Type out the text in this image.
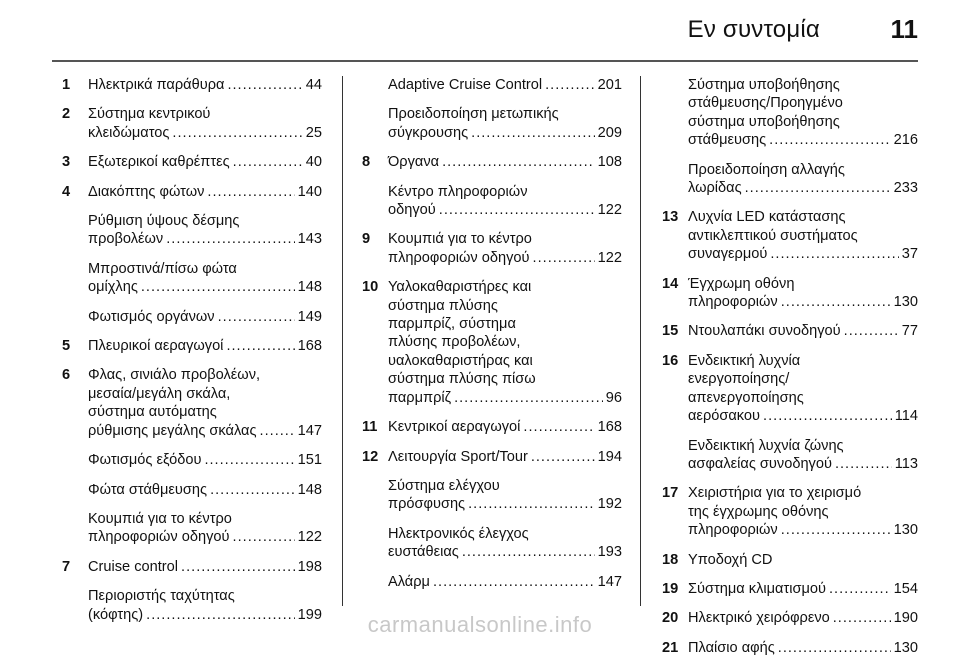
Εν συντομία	11
1 Ηλεκτρικά παράθυρα .....	44
2 Σύστημα κεντρικού
κλειδώματος .....	25
3 Εξωτερικοί καθρέπτες .....	40
4 Διακόπτης φώτων .....	140
Ρύθμιση ύψους δέσμης
προβολέων .....	143
Μπροστινά/πίσω φώτα
ομίχλης .....	148
Φωτισμός οργάνων .....	149
5 Πλευρικοί αεραγωγοί .....	168
6 Φλας, σινιάλο προβολέων,
μεσαία/μεγάλη σκάλα,
σύστημα αυτόματης
ρύθμισης μεγάλης σκάλας .....	147
Φωτισμός εξόδου .....	151
Φώτα στάθμευσης .....	148
Κουμπιά για το κέντρο
πληροφοριών οδηγού .....	122
7 Cruise control .....	198
Περιοριστής ταχύτητας
(κόφτης) .....	199
Adaptive Cruise Control .....	201
Προειδοποίηση μετωπικής
σύγκρουσης .....	209
8 Όργανα .....	108
Κέντρο πληροφοριών
οδηγού .....	122
9 Κουμπιά για το κέντρο
πληροφοριών οδηγού .....	122
10 Υαλοκαθαριστήρες και
σύστημα πλύσης
παρμπρίζ, σύστημα
πλύσης προβολέων,
υαλοκαθαριστήρας και
σύστημα πλύσης πίσω
παρμπρίζ .....	96
11 Κεντρικοί αεραγωγοί .....	168
12 Λειτουργία Sport/Tour .....	194
Σύστημα ελέγχου
πρόσφυσης .....	192
Ηλεκτρονικός έλεγχος
ευστάθειας .....	193
Αλάρμ .....	147
Σύστημα υποβοήθησης
στάθμευσης/Προηγμένο
σύστημα υποβοήθησης
στάθμευσης .....	216
Προειδοποίηση αλλαγής
λωρίδας .....	233
13 Λυχνία LED κατάστασης
αντικλεπτικού συστήματος
συναγερμού .....	37
14 Έγχρωμη οθόνη
πληροφοριών .....	130
15 Ντουλαπάκι συνοδηγού .....	77
16 Ενδεικτική λυχνία
ενεργοποίησης/
απενεργοποίησης
αερόσακου .....	114
Ενδεικτική λυχνία ζώνης
ασφαλείας συνοδηγού .....	113
17 Χειριστήρια για το χειρισμό
της έγχρωμης οθόνης
πληροφοριών .....	130
18 Υποδοχή CD
19 Σύστημα κλιματισμού .....	154
20 Ηλεκτρικό χειρόφρενο .....	190
21 Πλαίσιο αφής .....	130
carmanualsonline.info
